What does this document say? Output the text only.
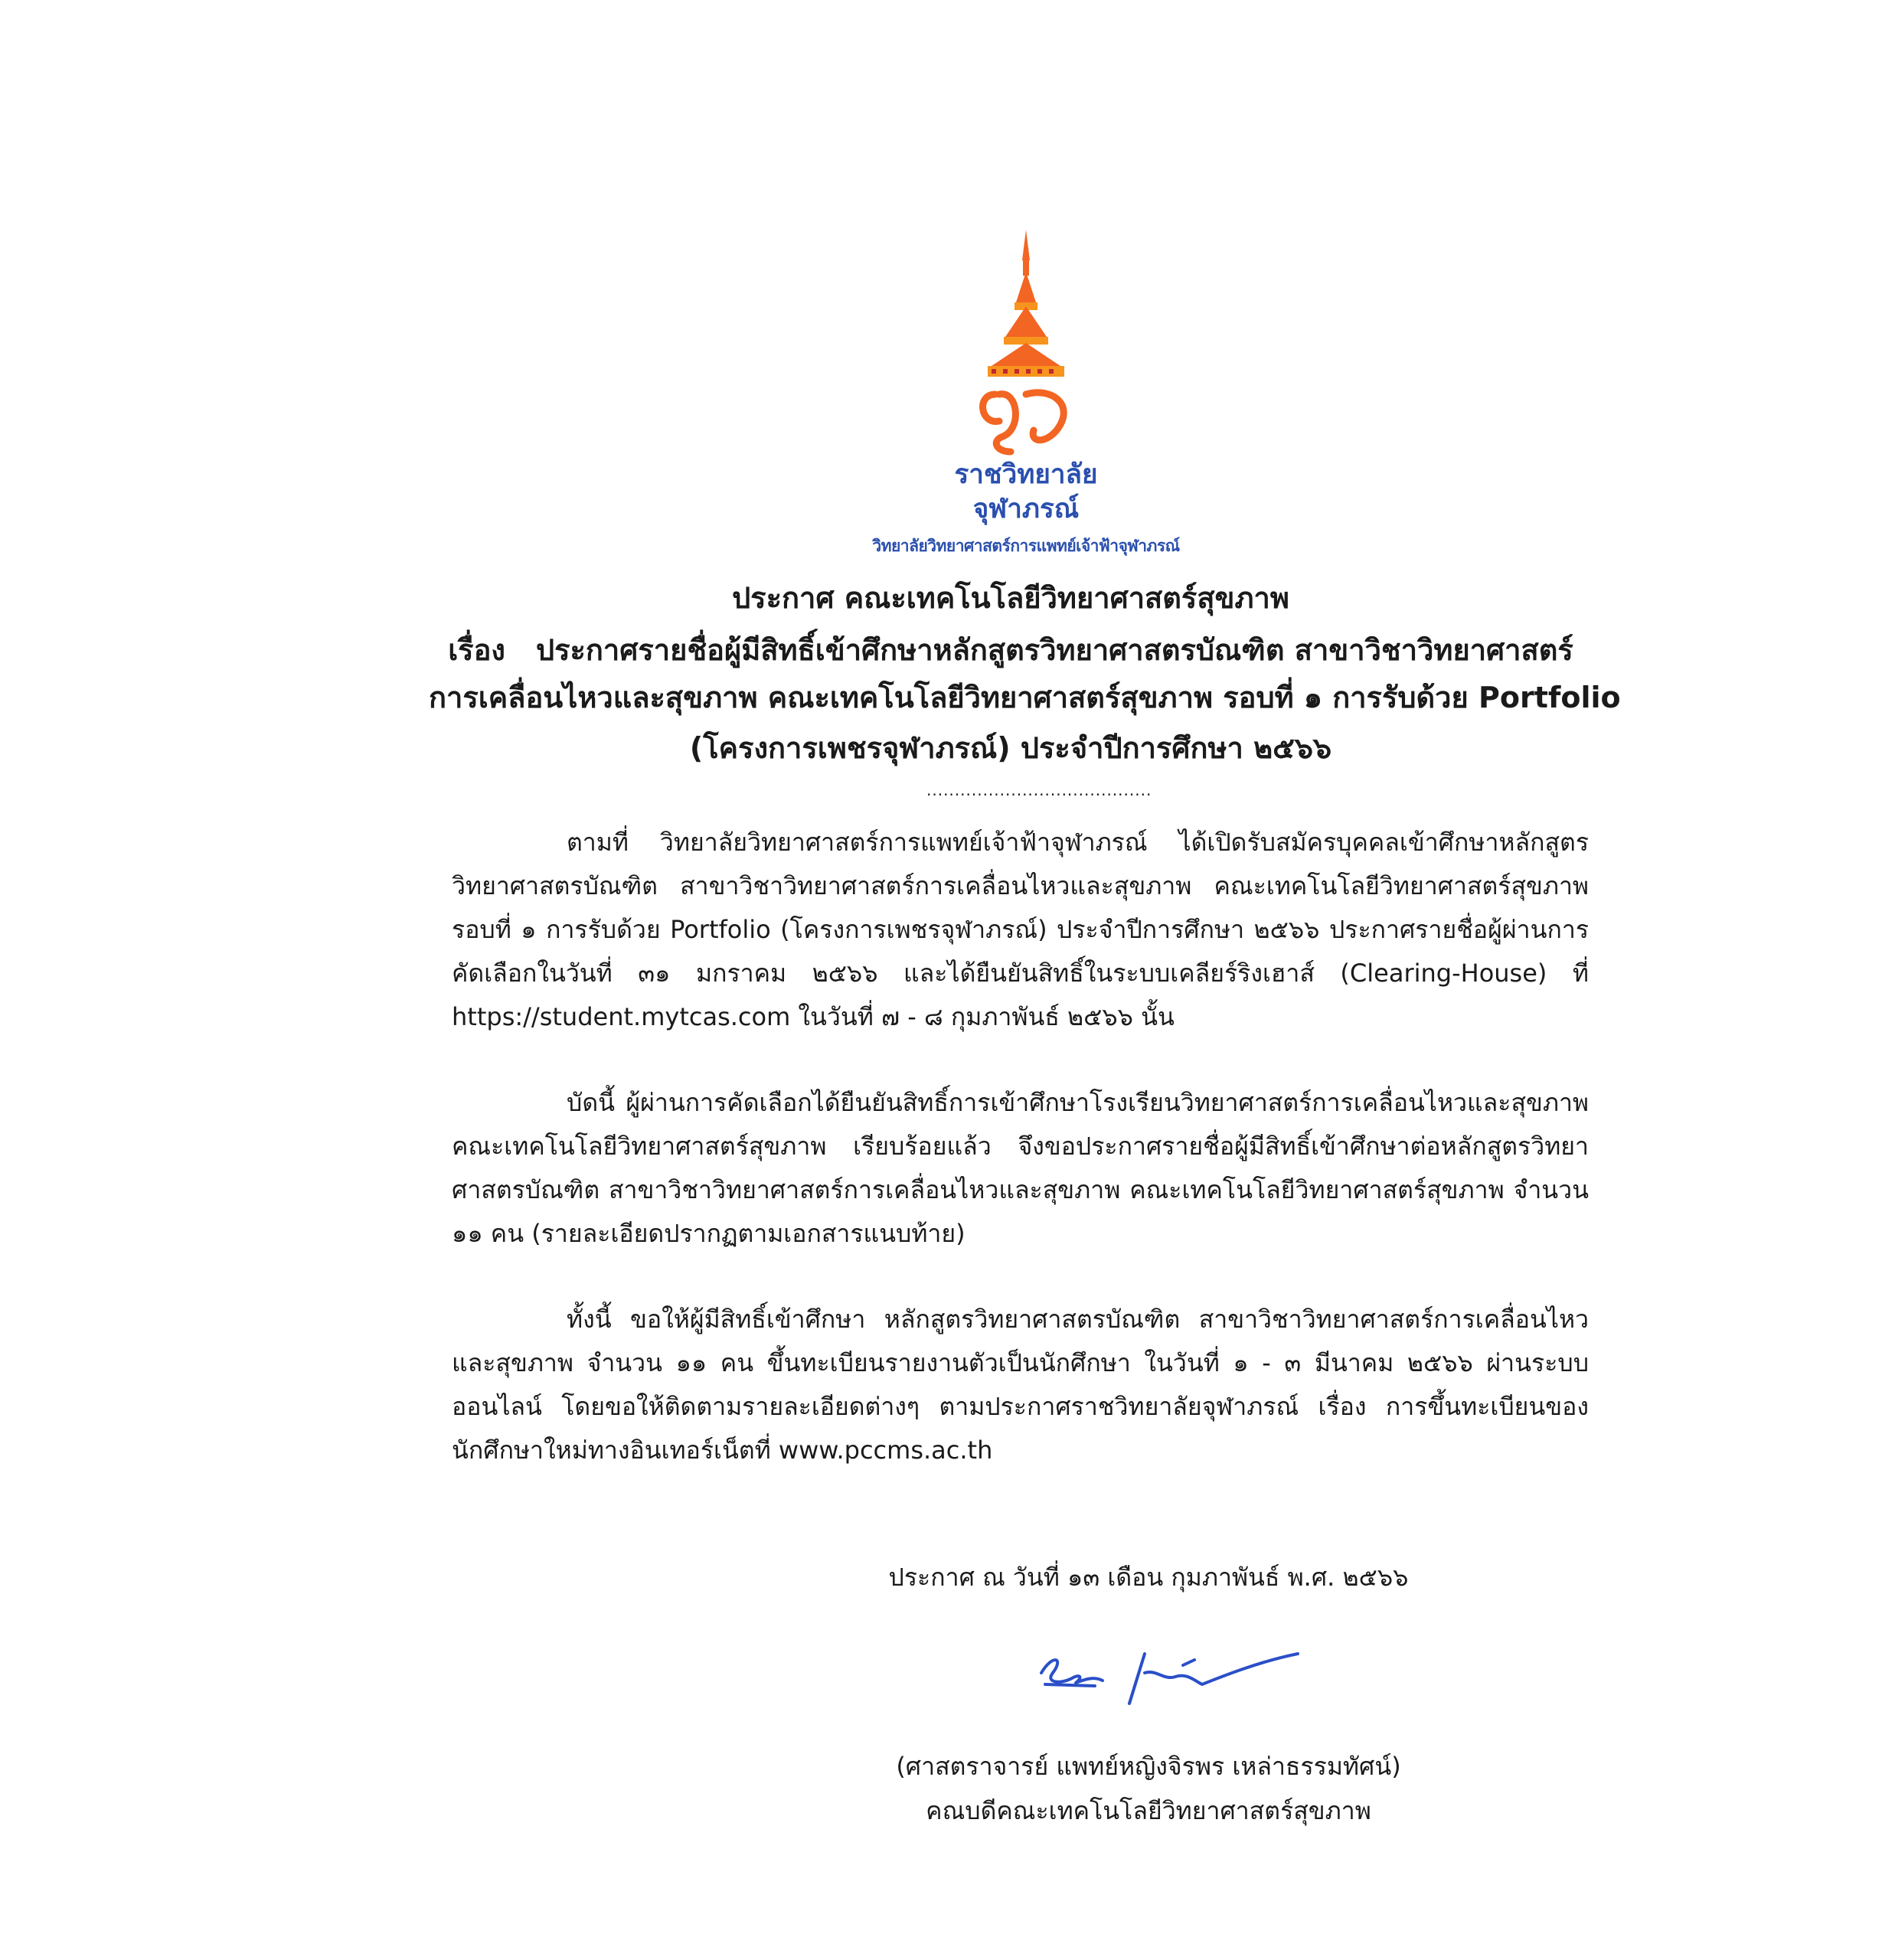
ราชวิทยาลัย
จุฬาภรณ์
วิทยาลัยวิทยาศาสตร์การแพทย์เจ้าฟ้าจุฬาภรณ์
ประกาศ คณะเทคโนโลยีวิทยาศาสตร์สุขภาพ
เรื่อง ประกาศรายชื่อผู้มีสิทธิ์เข้าศึกษาหลักสูตรวิทยาศาสตรบัณฑิต สาขาวิชาวิทยาศาสตร์
การเคลื่อนไหวและสุขภาพ คณะเทคโนโลยีวิทยาศาสตร์สุขภาพ รอบที่ ๑ การรับด้วย Portfolio
(โครงการเพชรจุฬาภรณ์) ประจำปีการศึกษา ๒๕๖๖
........................................

ตามที่ วิทยาลัยวิทยาศาสตร์การแพทย์เจ้าฟ้าจุฬาภรณ์ ได้เปิดรับสมัครบุคคลเข้าศึกษาหลักสูตรวิทยาศาสตรบัณฑิต สาขาวิชาวิทยาศาสตร์การเคลื่อนไหวและสุขภาพ คณะเทคโนโลยีวิทยาศาสตร์สุขภาพ รอบที่ ๑ การรับด้วย Portfolio (โครงการเพชรจุฬาภรณ์) ประจำปีการศึกษา ๒๕๖๖ ประกาศรายชื่อผู้ผ่านการคัดเลือกในวันที่ ๓๑ มกราคม ๒๕๖๖ และได้ยืนยันสิทธิ์ในระบบเคลียร์ริงเฮาส์ (Clearing-House) ที่ https://student.mytcas.com ในวันที่ ๗ - ๘ กุมภาพันธ์ ๒๕๖๖ นั้น

บัดนี้ ผู้ผ่านการคัดเลือกได้ยืนยันสิทธิ์การเข้าศึกษาโรงเรียนวิทยาศาสตร์การเคลื่อนไหวและสุขภาพ คณะเทคโนโลยีวิทยาศาสตร์สุขภาพ เรียบร้อยแล้ว จึงขอประกาศรายชื่อผู้มีสิทธิ์เข้าศึกษาต่อหลักสูตรวิทยาศาสตรบัณฑิต สาขาวิชาวิทยาศาสตร์การเคลื่อนไหวและสุขภาพ คณะเทคโนโลยีวิทยาศาสตร์สุขภาพ จำนวน ๑๑ คน (รายละเอียดปรากฏตามเอกสารแนบท้าย)

ทั้งนี้ ขอให้ผู้มีสิทธิ์เข้าศึกษา หลักสูตรวิทยาศาสตรบัณฑิต สาขาวิชาวิทยาศาสตร์การเคลื่อนไหวและสุขภาพ จำนวน ๑๑ คน ขึ้นทะเบียนรายงานตัวเป็นนักศึกษา ในวันที่ ๑ - ๓ มีนาคม ๒๕๖๖ ผ่านระบบออนไลน์ โดยขอให้ติดตามรายละเอียดต่างๆ ตามประกาศราชวิทยาลัยจุฬาภรณ์ เรื่อง การขึ้นทะเบียนของนักศึกษาใหม่ทางอินเทอร์เน็ตที่ www.pccms.ac.th

ประกาศ ณ วันที่ ๑๓ เดือน กุมภาพันธ์ พ.ศ. ๒๕๖๖
(ศาสตราจารย์ แพทย์หญิงจิรพร เหล่าธรรมทัศน์)
คณบดีคณะเทคโนโลยีวิทยาศาสตร์สุขภาพ
